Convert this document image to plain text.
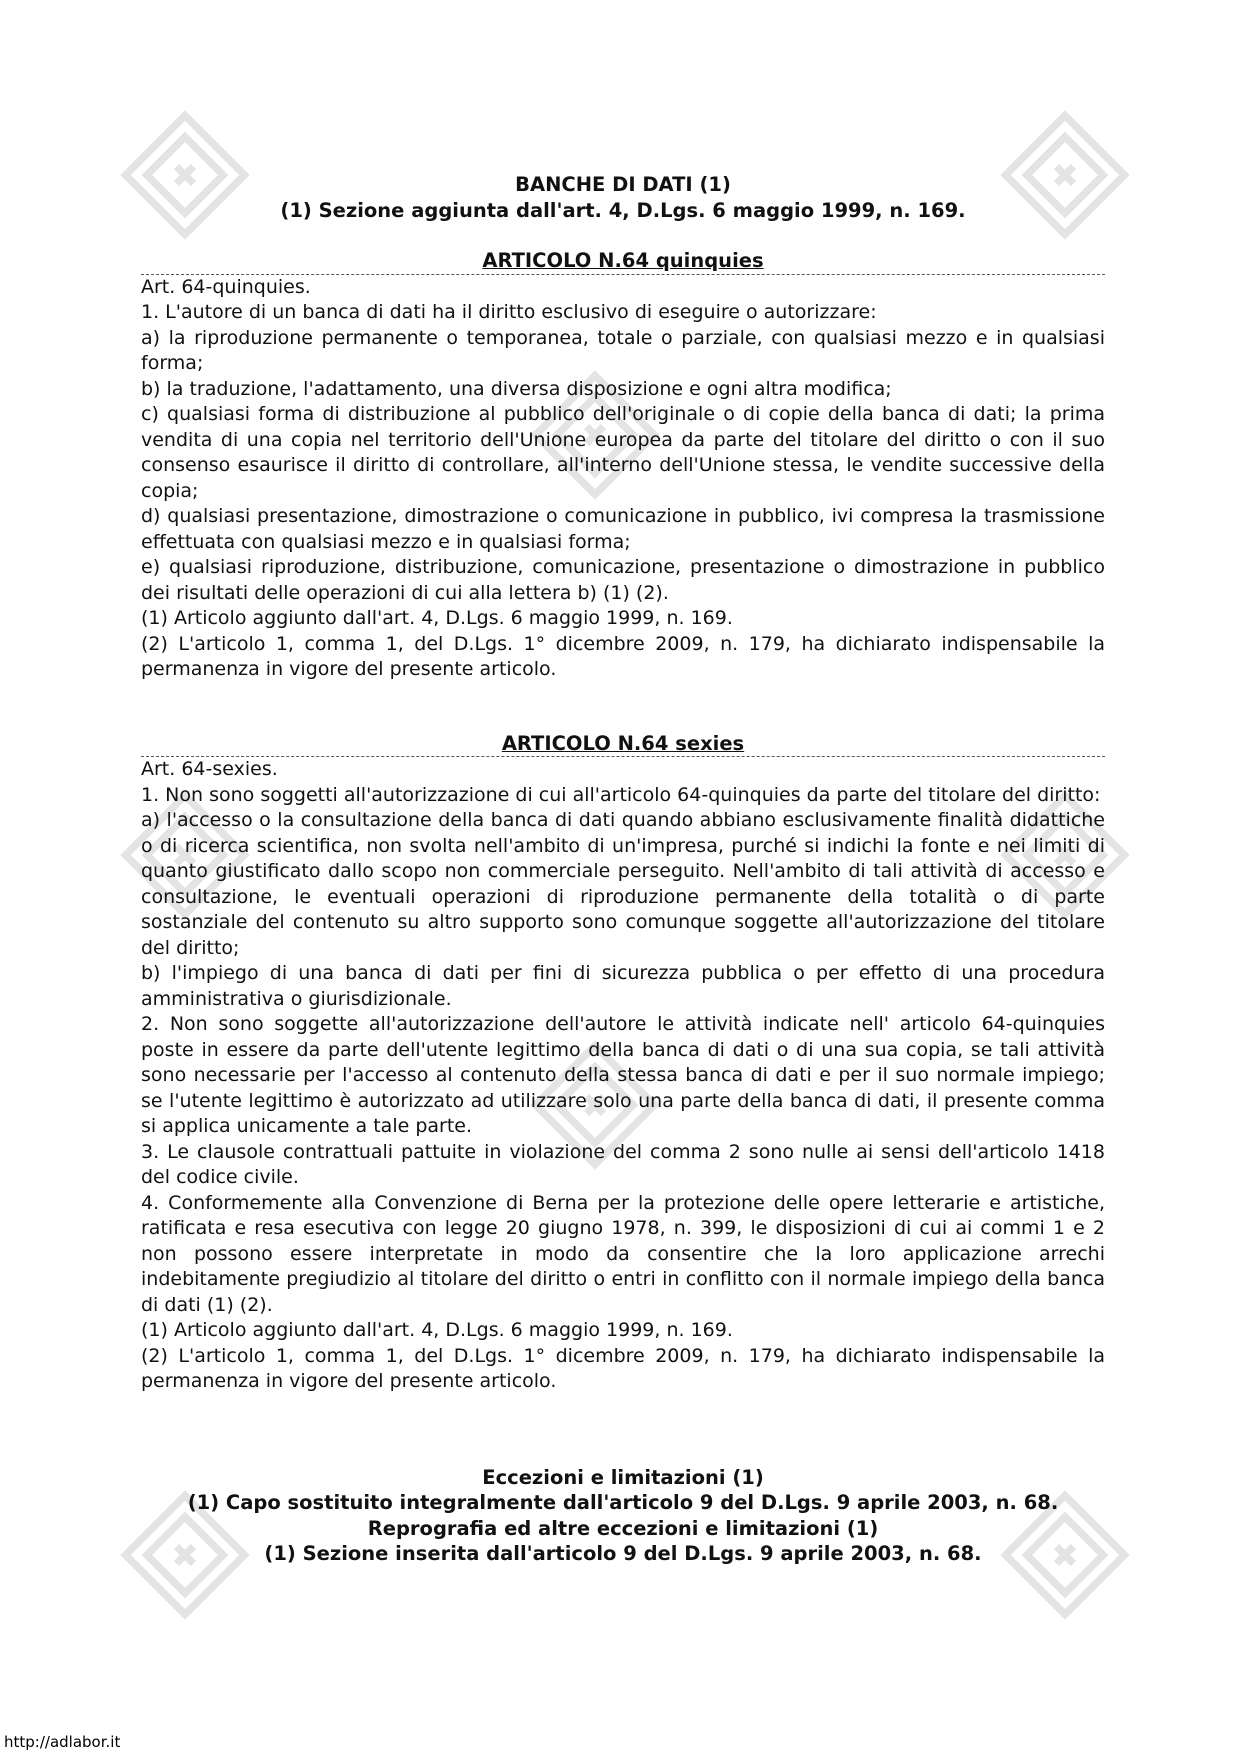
BANCHE DI DATI (1)
(1) Sezione aggiunta dall'art. 4, D.Lgs. 6 maggio 1999, n. 169.
ARTICOLO N.64 quinquies

Art. 64-quinquies.

1. L'autore di un banca di dati ha il diritto esclusivo di eseguire o autorizzare:

a) la riproduzione permanente o temporanea, totale o parziale, con qualsiasi mezzo e in qualsiasi forma;

b) la traduzione, l'adattamento, una diversa disposizione e ogni altra modifica;

c) qualsiasi forma di distribuzione al pubblico dell'originale o di copie della banca di dati; la prima vendita di una copia nel territorio dell'Unione europea da parte del titolare del diritto o con il suo consenso esaurisce il diritto di controllare, all'interno dell'Unione stessa, le vendite successive della copia;

d) qualsiasi presentazione, dimostrazione o comunicazione in pubblico, ivi compresa la trasmissione effettuata con qualsiasi mezzo e in qualsiasi forma;

e) qualsiasi riproduzione, distribuzione, comunicazione, presentazione o dimostrazione in pubblico dei risultati delle operazioni di cui alla lettera b) (1) (2).

(1) Articolo aggiunto dall'art. 4, D.Lgs. 6 maggio 1999, n. 169.

(2) L'articolo 1, comma 1, del D.Lgs. 1° dicembre 2009, n. 179, ha dichiarato indispensabile la permanenza in vigore del presente articolo.

ARTICOLO N.64 sexies

Art. 64-sexies.

1. Non sono soggetti all'autorizzazione di cui all'articolo 64-quinquies da parte del titolare del diritto:

a) l'accesso o la consultazione della banca di dati quando abbiano esclusivamente finalità didattiche o di ricerca scientifica, non svolta nell'ambito di un'impresa, purché si indichi la fonte e nei limiti di quanto giustificato dallo scopo non commerciale perseguito. Nell'ambito di tali attività di accesso e consultazione, le eventuali operazioni di riproduzione permanente della totalità o di parte sostanziale del contenuto su altro supporto sono comunque soggette all'autorizzazione del titolare del diritto;

b) l'impiego di una banca di dati per fini di sicurezza pubblica o per effetto di una procedura amministrativa o giurisdizionale.

2. Non sono soggette all'autorizzazione dell'autore le attività indicate nell' articolo 64-quinquies poste in essere da parte dell'utente legittimo della banca di dati o di una sua copia, se tali attività sono necessarie per l'accesso al contenuto della stessa banca di dati e per il suo normale impiego; se l'utente legittimo è autorizzato ad utilizzare solo una parte della banca di dati, il presente comma si applica unicamente a tale parte.

3. Le clausole contrattuali pattuite in violazione del comma 2 sono nulle ai sensi dell'articolo 1418 del codice civile.

4. Conformemente alla Convenzione di Berna per la protezione delle opere letterarie e artistiche, ratificata e resa esecutiva con legge 20 giugno 1978, n. 399, le disposizioni di cui ai commi 1 e 2 non possono essere interpretate in modo da consentire che la loro applicazione arrechi indebitamente pregiudizio al titolare del diritto o entri in conflitto con il normale impiego della banca di dati (1) (2).

(1) Articolo aggiunto dall'art. 4, D.Lgs. 6 maggio 1999, n. 169.

(2) L'articolo 1, comma 1, del D.Lgs. 1° dicembre 2009, n. 179, ha dichiarato indispensabile la permanenza in vigore del presente articolo.

Eccezioni e limitazioni (1)
(1) Capo sostituito integralmente dall'articolo 9 del D.Lgs. 9 aprile 2003, n. 68.
Reprografia ed altre eccezioni e limitazioni (1)
(1) Sezione inserita dall'articolo 9 del D.Lgs. 9 aprile 2003, n. 68.
http://adlabor.it
